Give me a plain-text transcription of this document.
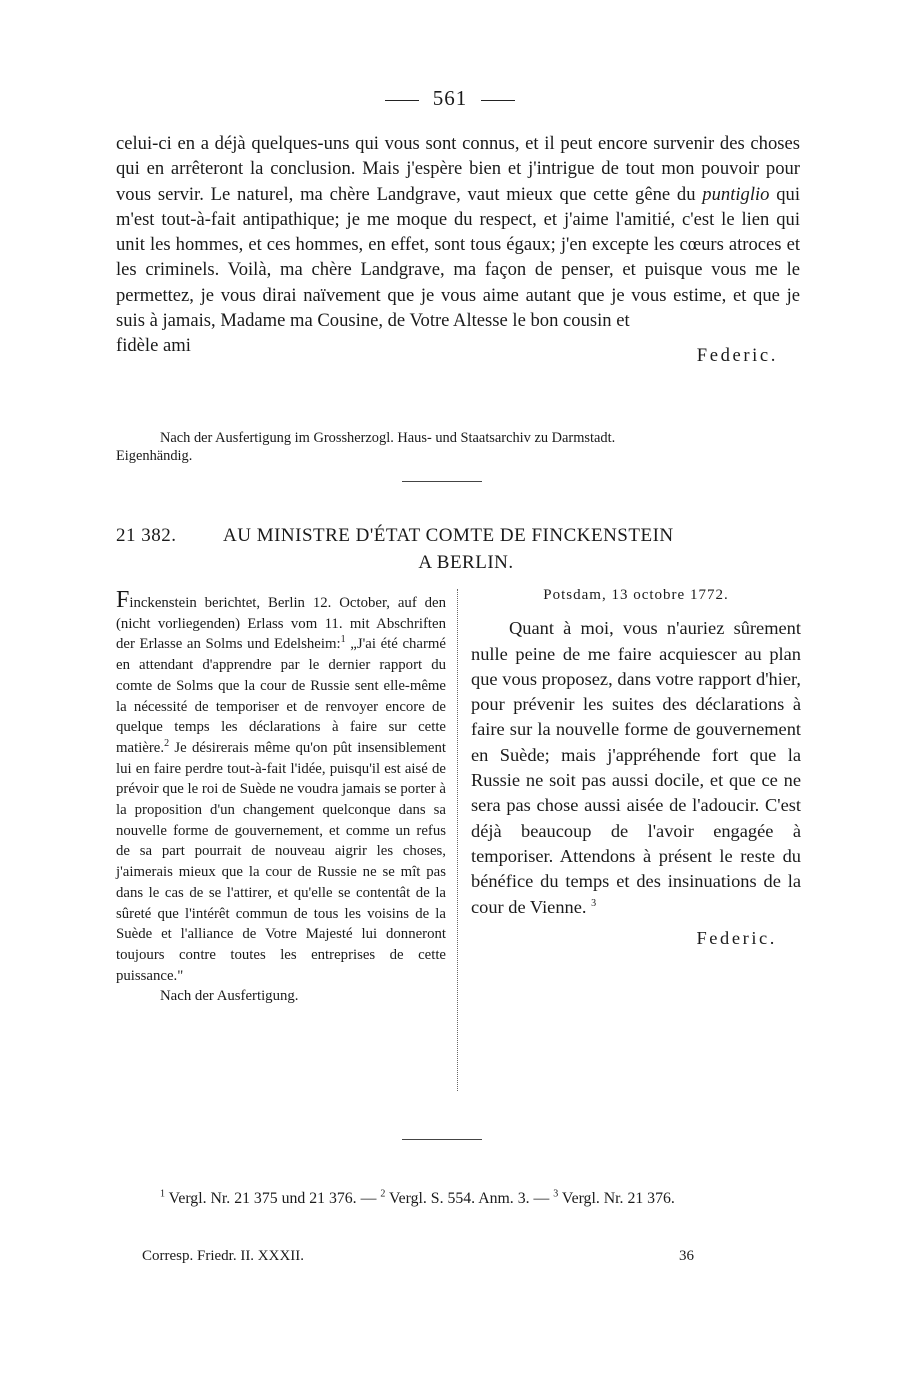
561

celui-ci en a déjà quelques-uns qui vous sont connus, et il peut encore survenir des choses qui en arrêteront la conclusion. Mais j'espère bien et j'intrigue de tout mon pouvoir pour vous servir. Le naturel, ma chère Landgrave, vaut mieux que cette gêne du puntiglio qui m'est tout-à-fait antipathique; je me moque du respect, et j'aime l'amitié, c'est le lien qui unit les hommes, et ces hommes, en effet, sont tous égaux; j'en excepte les cœurs atroces et les criminels. Voilà, ma chère Landgrave, ma façon de penser, et puisque vous me le permettez, je vous dirai naïvement que je vous aime autant que je vous estime, et que je suis à jamais, Madame ma Cousine, de Votre Altesse le bon cousin et

fidèle ami	Federic.
Nach der Ausfertigung im Grossherzogl. Haus- und Staatsarchiv zu Darmstadt.
Eigenhändig.
21 382.	AU MINISTRE D'ÉTAT COMTE DE FINCKENSTEIN
A BERLIN.
Finckenstein berichtet, Berlin 12. October, auf den (nicht vorliegenden) Erlass vom 11. mit Abschriften der Erlasse an Solms und Edelsheim:$^1$ „J'ai été charmé en attendant d'apprendre par le dernier rapport du comte de Solms que la cour de Russie sent elle-même la nécessité de temporiser et de renvoyer encore de quelque temps les déclarations à faire sur cette matière.$^2$ Je désirerais même qu'on pût insensiblement lui en faire perdre tout-à-fait l'idée, puisqu'il est aisé de prévoir que le roi de Suède ne voudra jamais se porter à la proposition d'un changement quelconque dans sa nouvelle forme de gouvernement, et comme un refus de sa part pourrait de nouveau aigrir les choses, j'aimerais mieux que la cour de Russie ne se mît pas dans le cas de se l'attirer, et qu'elle se contentât de la sûreté que l'intérêt commun de tous les voisins de la Suède et l'alliance de Votre Majesté lui donneront toujours contre toutes les entreprises de cette puissance."
Nach der Ausfertigung.
Potsdam, 13 octobre 1772.

Quant à moi, vous n'auriez sûrement nulle peine de me faire acquiescer au plan que vous proposez, dans votre rapport d'hier, pour prévenir les suites des déclarations à faire sur la nouvelle forme de gouvernement en Suède; mais j'appréhende fort que la Russie ne soit pas aussi docile, et que ce ne sera pas chose aussi aisée de l'adoucir. C'est déjà beaucoup de l'avoir engagée à temporiser. Attendons à présent le reste du bénéfice du temps et des insinuations de la cour de Vienne. $^3$

Federic.

$^1$ Vergl. Nr. 21 375 und 21 376. — $^2$ Vergl. S. 554. Anm. 3. — $^3$ Vergl. Nr. 21 376.

Corresp. Friedr. II. XXXII.	36
